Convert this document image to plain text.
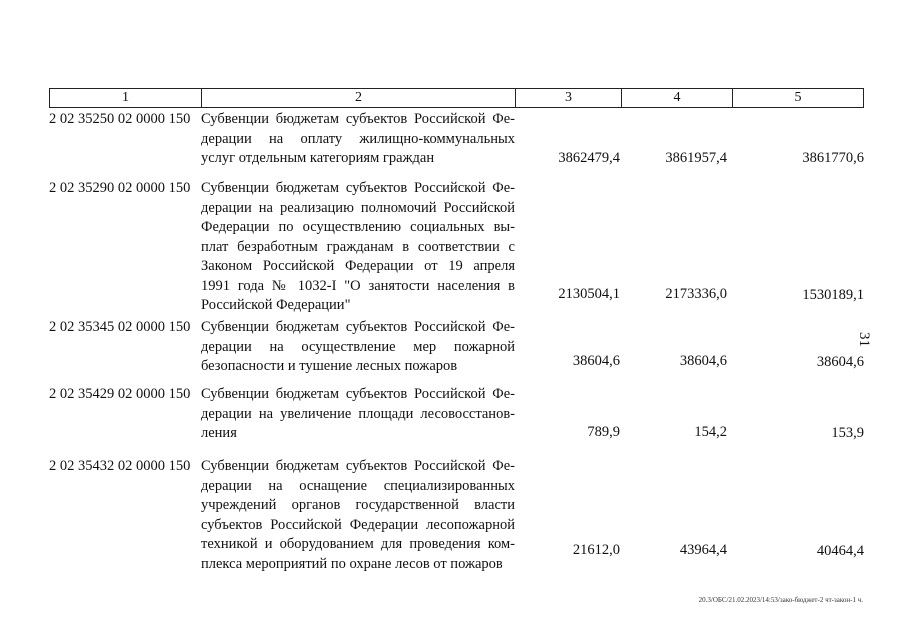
1	2	3	4	5
2 02 35250 02 0000 150 Субвенции бюджетам субъектов Российской Фе-
дерации на оплату жилищно-коммунальных
услуг отдельным категориям граждан	3862479,4	3861957,4	3861770,6
2 02 35290 02 0000 150 Субвенции бюджетам субъектов Российской Фе-
дерации на реализацию полномочий Российской
Федерации по осуществлению социальных вы-
плат безработным гражданам в соответствии с
Законом Российской Федерации от 19 апреля
1991 года № 1032-I "О занятости населения в
Российской Федерации"
2130504,1	2173336,0	1530189,1
2 02 35345 02 0000 150 Субвенции бюджетам субъектов Российской Фе-
дерации на осуществление мер пожарной
безопасности и тушение лесных пожаров	38604,6	38604,6	38604,6
2 02 35429 02 0000 150 Субвенции бюджетам субъектов Российской Фе-
дерации на увеличение площади лесовосстанов-
ления	789,9	154,2	153,9
2 02 35432 02 0000 150 Субвенции бюджетам субъектов Российской Фе-
дерации на оснащение специализированных
учреждений органов государственной власти
субъектов Российской Федерации лесопожарной
техникой и оборудованием для проведения ком-
плекса мероприятий по охране лесов от пожаров
21612,0	43964,4	40464,4
31
20.3/ОБС/21.02.2023/14:53/зако-бюджет-2 чт-закон-1 ч.
